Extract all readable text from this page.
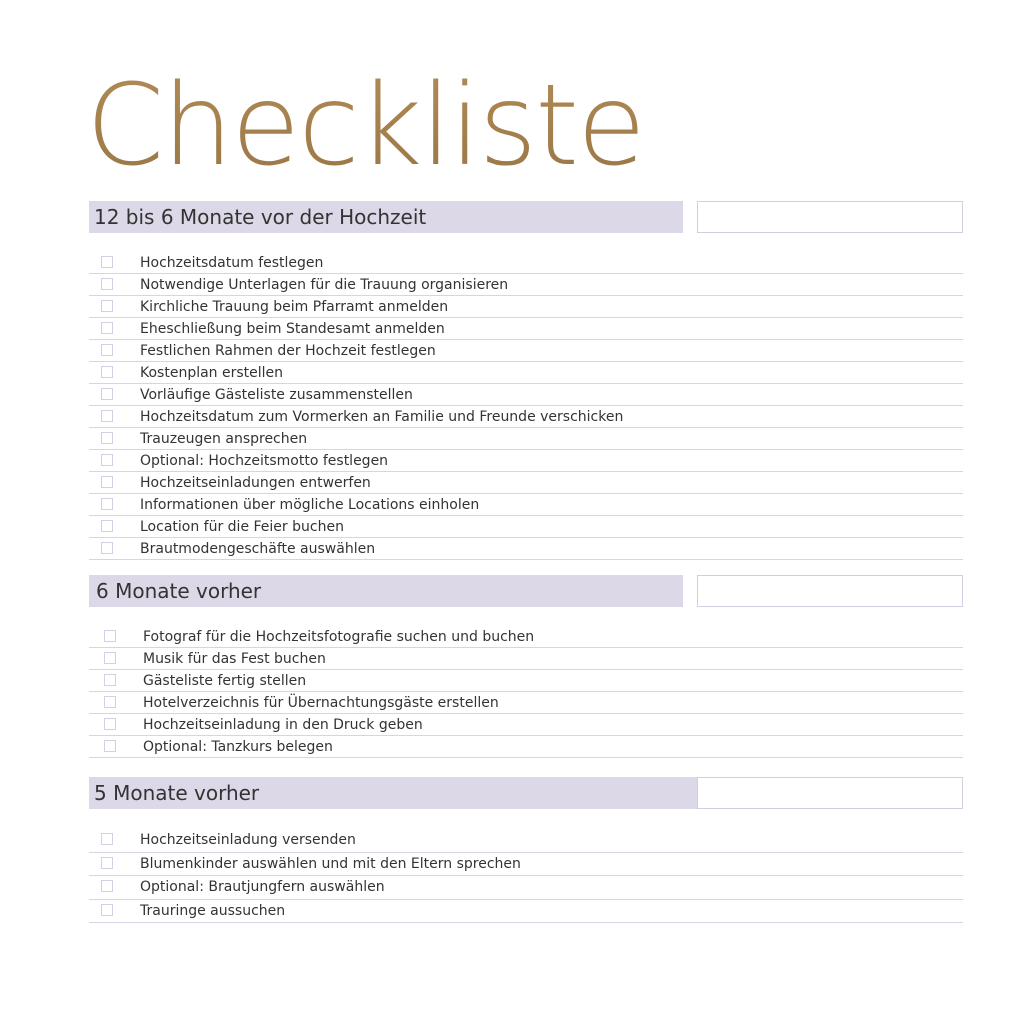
Checkliste
12 bis 6 Monate vor der Hochzeit
Hochzeitsdatum festlegen
Notwendige Unterlagen für die Trauung organisieren
Kirchliche Trauung beim Pfarramt anmelden
Eheschließung beim Standesamt anmelden
Festlichen Rahmen der Hochzeit festlegen
Kostenplan erstellen
Vorläufige Gästeliste zusammenstellen
Hochzeitsdatum zum Vormerken an Familie und Freunde verschicken
Trauzeugen ansprechen
Optional: Hochzeitsmotto festlegen
Hochzeitseinladungen entwerfen
Informationen über mögliche Locations einholen
Location für die Feier buchen
Brautmodengeschäfte auswählen
6 Monate vorher
Fotograf für die Hochzeitsfotografie suchen und buchen
Musik für das Fest buchen
Gästeliste fertig stellen
Hotelverzeichnis für Übernachtungsgäste erstellen
Hochzeitseinladung in den Druck geben
Optional: Tanzkurs belegen
5 Monate vorher
Hochzeitseinladung versenden
Blumenkinder auswählen und mit den Eltern sprechen
Optional: Brautjungfern auswählen
Trauringe aussuchen
